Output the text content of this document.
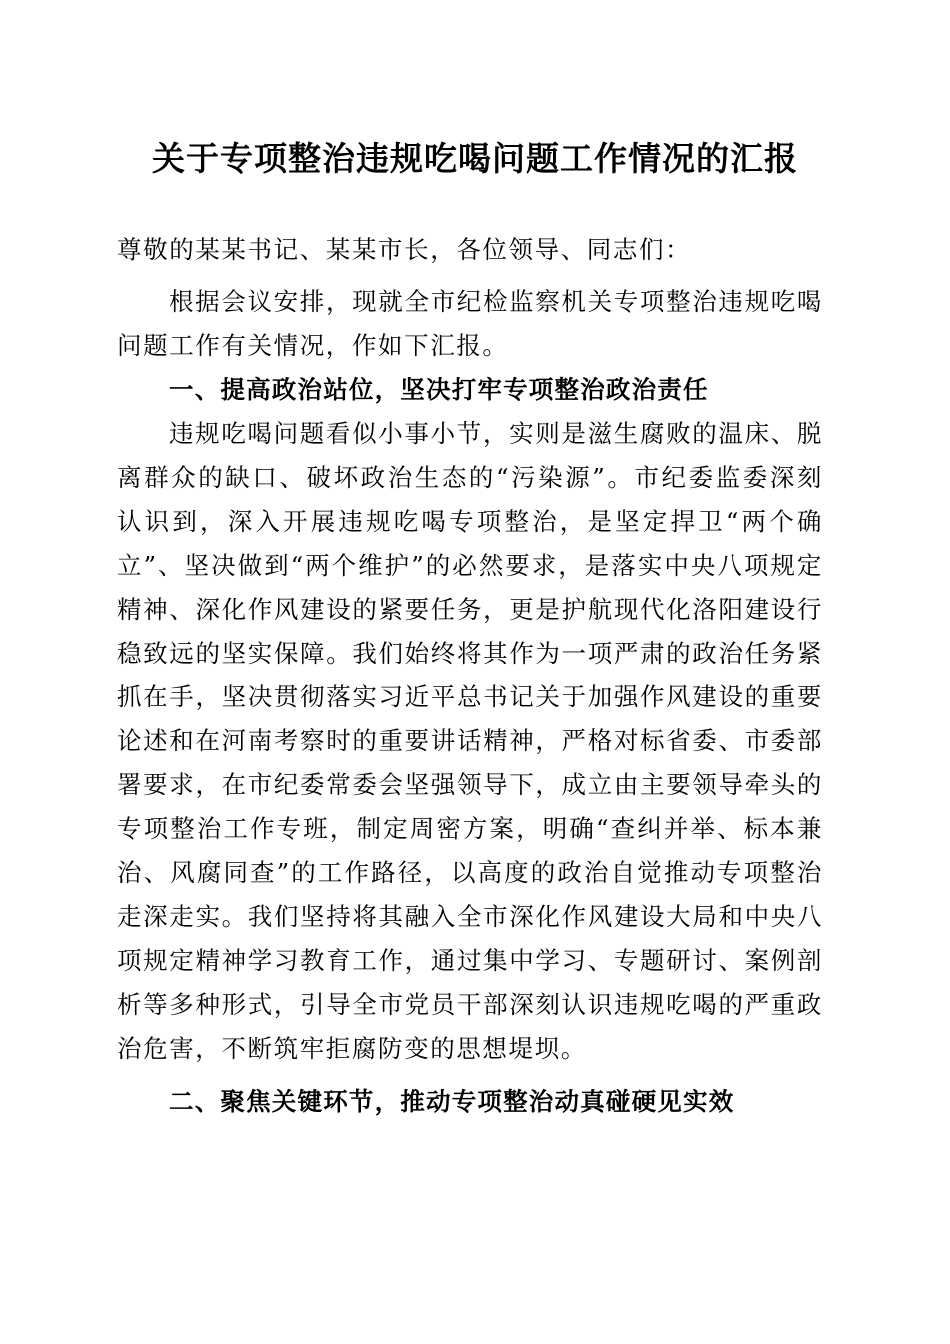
关于专项整治违规吃喝问题工作情况的汇报

尊敬的某某书记、某某市长，各位领导、同志们：

根据会议安排，现就全市纪检监察机关专项整治违规吃喝问题工作有关情况，作如下汇报。

一、提高政治站位，坚决打牢专项整治政治责任

违规吃喝问题看似小事小节，实则是滋生腐败的温床、脱离群众的缺口、破坏政治生态的“污染源”。市纪委监委深刻认识到，深入开展违规吃喝专项整治，是坚定捍卫“两个确立”、坚决做到“两个维护”的必然要求，是落实中央八项规定精神、深化作风建设的紧要任务，更是护航现代化洛阳建设行稳致远的坚实保障。我们始终将其作为一项严肃的政治任务紧抓在手，坚决贯彻落实习近平总书记关于加强作风建设的重要论述和在河南考察时的重要讲话精神，严格对标省委、市委部署要求，在市纪委常委会坚强领导下，成立由主要领导牵头的专项整治工作专班，制定周密方案，明确“查纠并举、标本兼治、风腐同查”的工作路径，以高度的政治自觉推动专项整治走深走实。我们坚持将其融入全市深化作风建设大局和中央八项规定精神学习教育工作，通过集中学习、专题研讨、案例剖析等多种形式，引导全市党员干部深刻认识违规吃喝的严重政治危害，不断筑牢拒腐防变的思想堤坝。

二、聚焦关键环节，推动专项整治动真碰硬见实效
